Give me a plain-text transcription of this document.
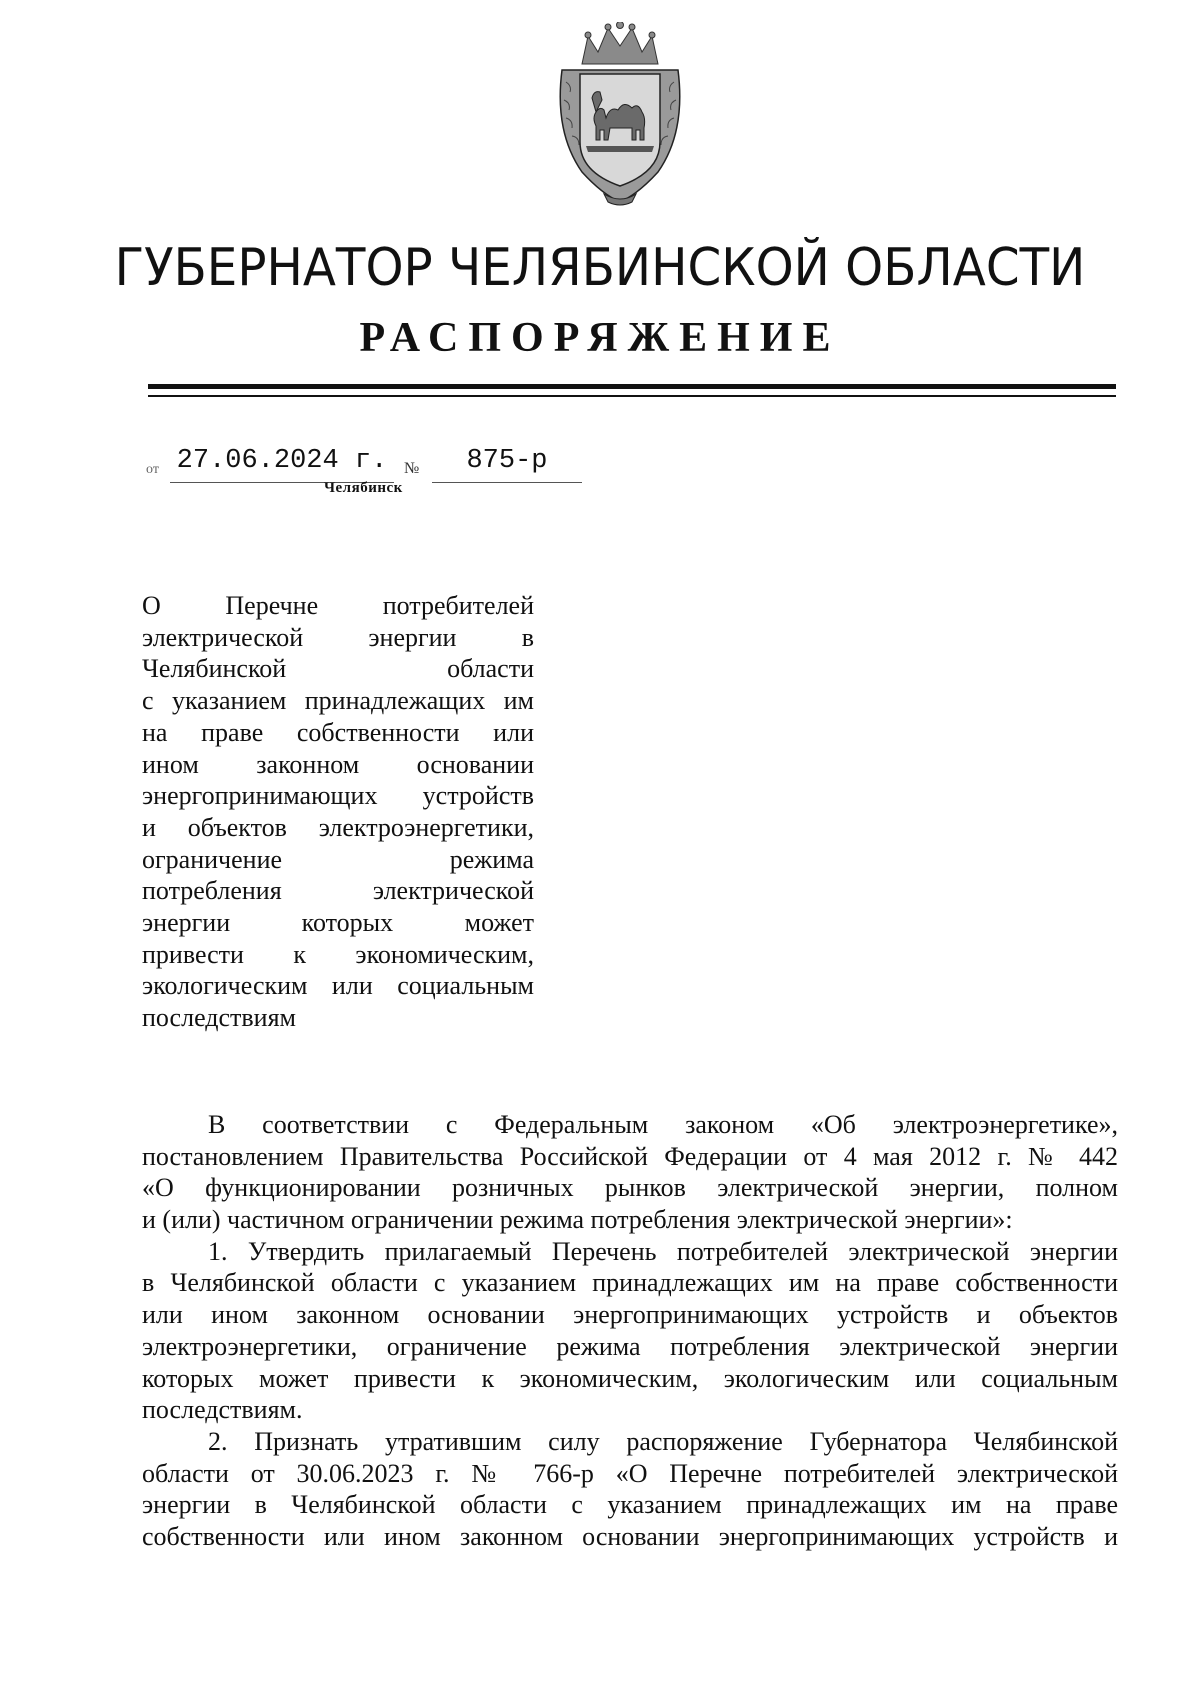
ГУБЕРНАТОР ЧЕЛЯБИНСКОЙ ОБЛАСТИ
РАСПОРЯЖЕНИЕ
от 27.06.2024 г.	№	875-р
Челябинск
О Перечне потребителей
электрической энергии в
Челябинской области
с указанием принадлежащих им
на праве собственности или
ином законном основании
энергопринимающих устройств
и объектов электроэнергетики,
ограничение режима
потребления электрической
энергии которых может
привести к экономическим,
экологическим или социальным
последствиям
В соответствии с Федеральным законом «Об электроэнергетике»,
постановлением Правительства Российской Федерации от 4 мая 2012 г. № 442
«О функционировании розничных рынков электрической энергии, полном
и (или) частичном ограничении режима потребления электрической энергии»:
1. Утвердить прилагаемый Перечень потребителей электрической энергии
в Челябинской области с указанием принадлежащих им на праве собственности
или ином законном основании энергопринимающих устройств и объектов
электроэнергетики, ограничение режима потребления электрической энергии
которых может привести к экономическим, экологическим или социальным
последствиям.
2. Признать утратившим силу распоряжение Губернатора Челябинской
области от 30.06.2023 г. № 766-р «О Перечне потребителей электрической
энергии в Челябинской области с указанием принадлежащих им на праве
собственности или ином законном основании энергопринимающих устройств и
